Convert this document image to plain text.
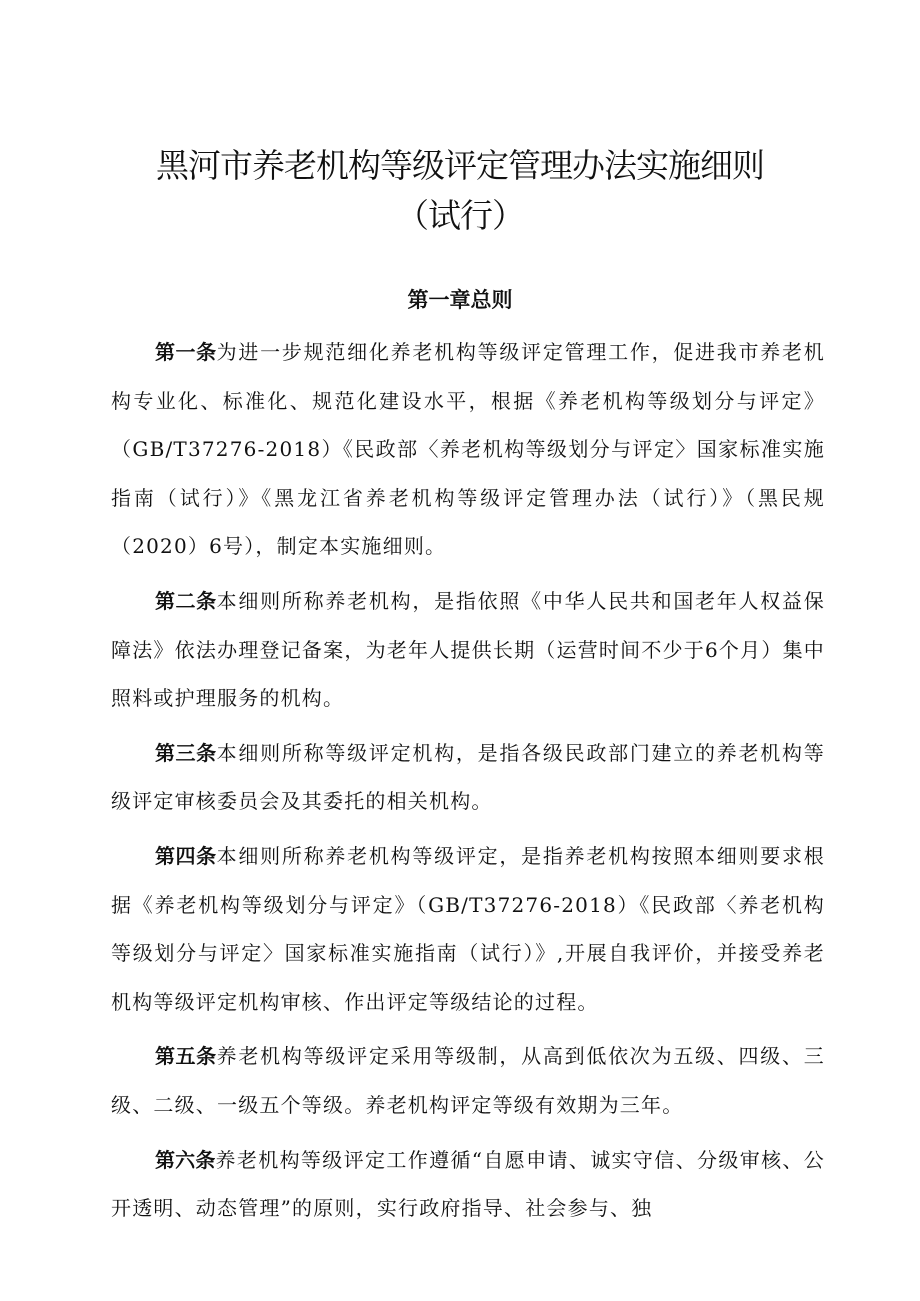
黑河市养老机构等级评定管理办法实施细则
（试行）
第一章总则

第一条为进一步规范细化养老机构等级评定管理工作，促进我市养老机构专业化、标准化、规范化建设水平，根据《养老机构等级划分与评定》（GB/T37276-2018）《民政部〈养老机构等级划分与评定〉国家标准实施指南（试行）》《黑龙江省养老机构等级评定管理办法（试行）》（黑民规（2020）6号），制定本实施细则。

第二条本细则所称养老机构，是指依照《中华人民共和国老年人权益保障法》依法办理登记备案，为老年人提供长期（运营时间不少于6个月）集中照料或护理服务的机构。

第三条本细则所称等级评定机构，是指各级民政部门建立的养老机构等级评定审核委员会及其委托的相关机构。

第四条本细则所称养老机构等级评定，是指养老机构按照本细则要求根据《养老机构等级划分与评定》（GB/T37276-2018）《民政部〈养老机构等级划分与评定〉国家标准实施指南（试行）》,开展自我评价，并接受养老机构等级评定机构审核、作出评定等级结论的过程。

第五条养老机构等级评定采用等级制，从高到低依次为五级、四级、三级、二级、一级五个等级。养老机构评定等级有效期为三年。

第六条养老机构等级评定工作遵循“自愿申请、诚实守信、分级审核、公开透明、动态管理”的原则，实行政府指导、社会参与、独
